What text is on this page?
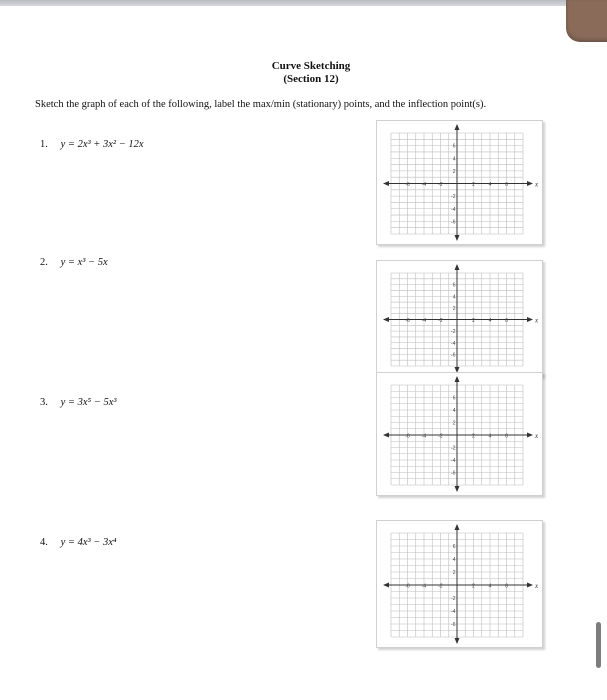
Curve Sketching
(Section 12)
Sketch the graph of each of the following, label the max/min (stationary) points, and the inflection point(s).
1. y = 2x³ + 3x² − 12x
2. y = x³ − 5x
3. y = 3x⁵ − 5x³
4. y = 4x³ − 3x⁴
x
-6 -4 -2	2	4	6
6
4
2
-2
-4
-6
x
-6 -4 -2	2	4	6
6
4
2
-2
-4
-6
x
-6 -4 -2	2	4	6
6
4
2
-2
-4
-6
x
-6 -4 -2	2	4	6
6
4
2
-2
-4
-6
